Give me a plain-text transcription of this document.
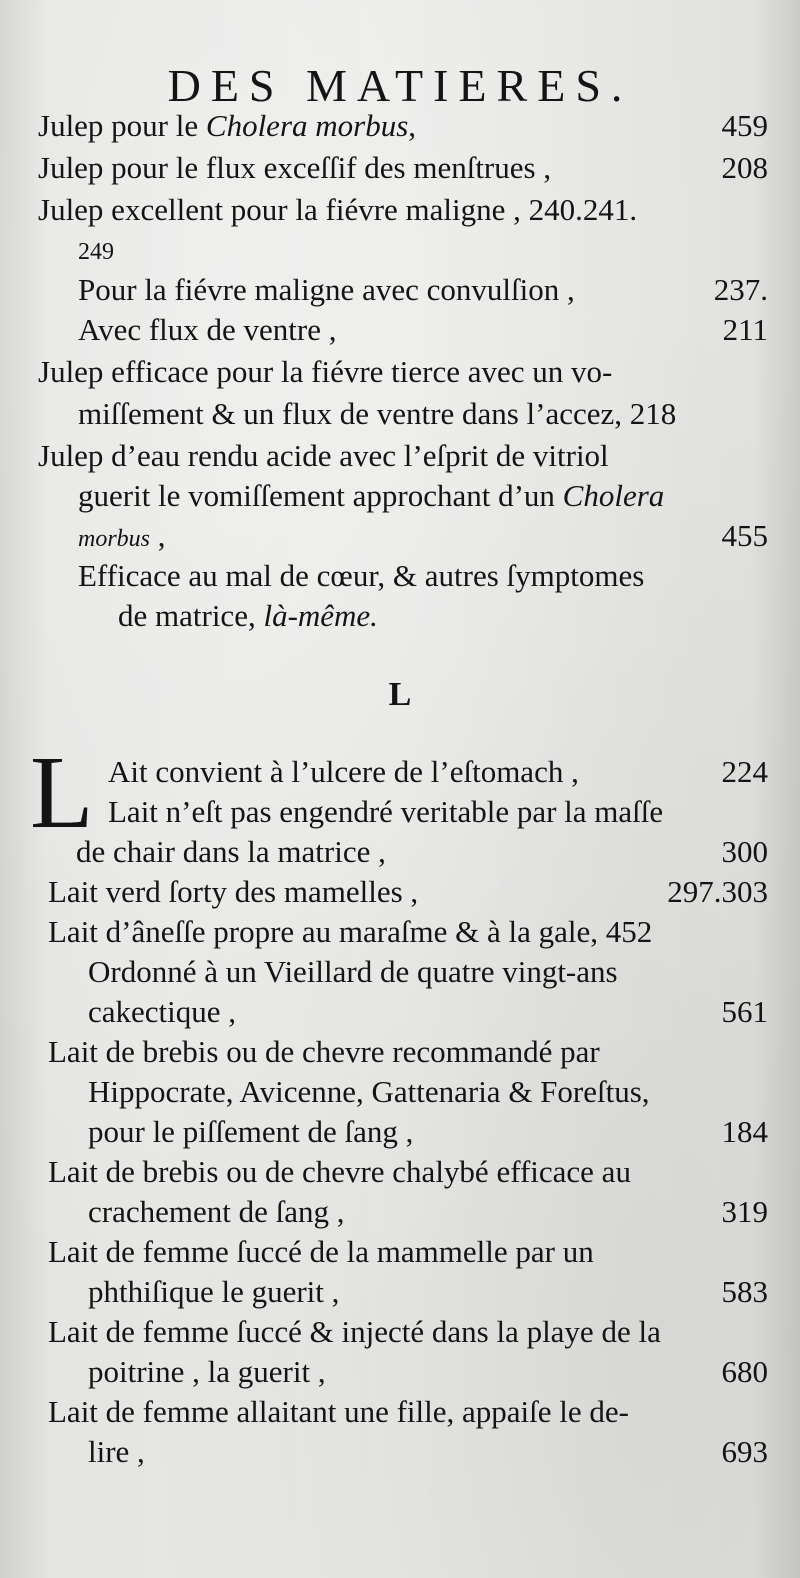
DES MATIERES.
Julep pour le Cholera morbus,	459
Julep pour le flux exceſſif des menſtrues ,	208
Julep excellent pour la fiévre maligne , 240.241.
249
Pour la fiévre maligne avec convulſion ,	237.
Avec flux de ventre ,	211
Julep efficace pour la fiévre tierce avec un vo-
miſſement & un flux de ventre dans l’accez, 218
Julep d’eau rendu acide avec l’eſprit de vitriol
guerit le vomiſſement approchant d’un Cholera
morbus ,	455
Efficace au mal de cœur, & autres ſymptomes
de matrice, là-même.
L
L Ait convient à l’ulcere de l’eſtomach ,	224
Lait n’eſt pas engendré veritable par la maſſe
de chair dans la matrice ,	300
Lait verd ſorty des mamelles ,	297.303
Lait d’âneſſe propre au maraſme & à la gale, 452
Ordonné à un Vieillard de quatre vingt-ans
cakectique ,	561
Lait de brebis ou de chevre recommandé par
Hippocrate, Avicenne, Gattenaria & Foreſtus,
pour le piſſement de ſang ,	184
Lait de brebis ou de chevre chalybé efficace au
crachement de ſang ,	319
Lait de femme ſuccé de la mammelle par un
phthiſique le guerit ,	583
Lait de femme ſuccé & injecté dans la playe de la
poitrine , la guerit ,	680
Lait de femme allaitant une fille, appaiſe le de-
lire ,	693
